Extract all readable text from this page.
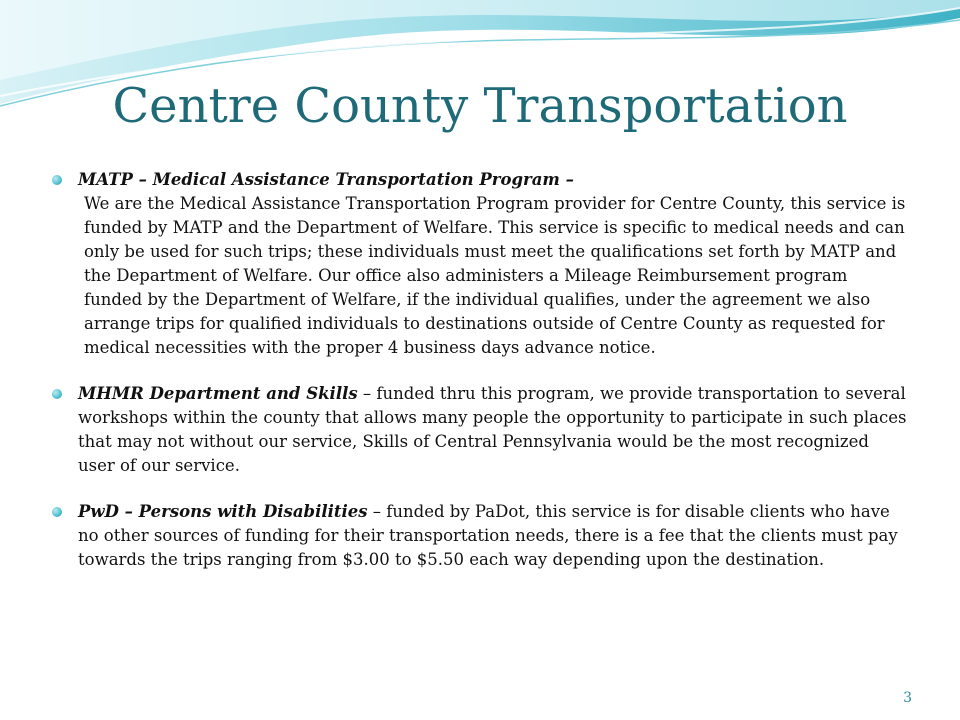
Centre County Transportation
MATP – Medical Assistance Transportation Program –
We are the Medical Assistance Transportation Program provider for Centre County, this service is funded by MATP and the Department of Welfare. This service is specific to medical needs and can only be used for such trips; these individuals must meet the qualifications set forth by MATP and the Department of Welfare. Our office also administers a Mileage Reimbursement program funded by the Department of Welfare, if the individual qualifies, under the agreement we also arrange trips for qualified individuals to destinations outside of Centre County as requested for medical necessities with the proper 4 business days advance notice.
MHMR Department and Skills – funded thru this program, we provide transportation to several workshops within the county that allows many people the opportunity to participate in such places that may not without our service, Skills of Central Pennsylvania would be the most recognized user of our service.
PwD – Persons with Disabilities – funded by PaDot, this service is for disable clients who have no other sources of funding for their transportation needs, there is a fee that the clients must pay towards the trips ranging from $3.00 to $5.50 each way depending upon the destination.
3
